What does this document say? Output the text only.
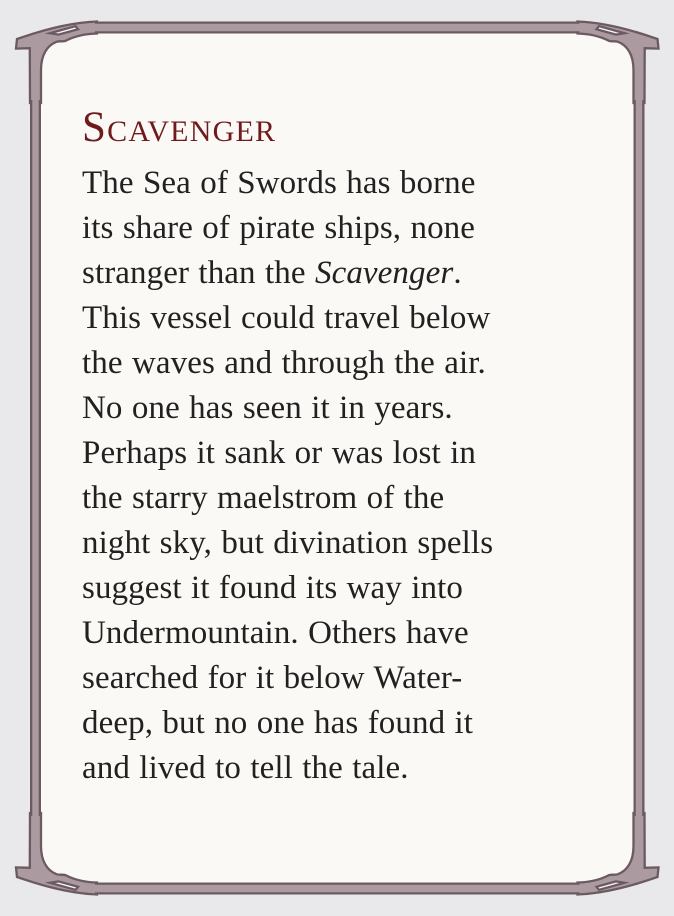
Scavenger
The Sea of Swords has borne
its share of pirate ships, none
stranger than the Scavenger.
This vessel could travel below
the waves and through the air.
No one has seen it in years.
Perhaps it sank or was lost in
the starry maelstrom of the
night sky, but divination spells
suggest it found its way into
Undermountain. Others have
searched for it below Water-
deep, but no one has found it
and lived to tell the tale.
